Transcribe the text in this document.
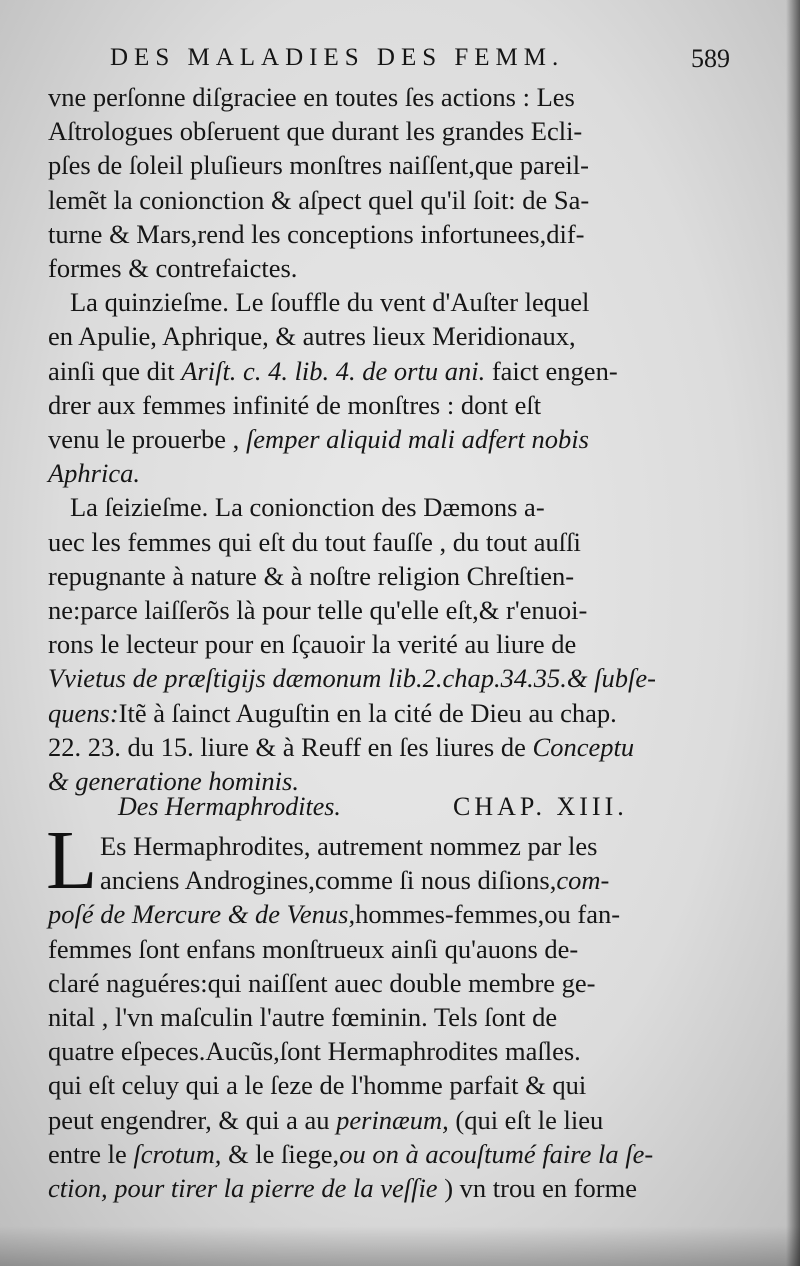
DES MALADIES DES FEMM.	589
vne perſonne diſgraciee en toutes ſes actions : Les
Aſtrologues obſeruent que durant les grandes Ecli-
pſes de ſoleil pluſieurs monſtres naiſſent,que pareil-
lemẽt la conionction & aſpect quel qu'il ſoit: de Sa-
turne & Mars,rend les conceptions infortunees,dif-
formes & contrefaictes.
La quinzieſme. Le ſouffle du vent d'Auſter lequel
en Apulie, Aphrique, & autres lieux Meridionaux,
ainſi que dit Ariſt. c. 4. lib. 4. de ortu ani. faict engen-
drer aux femmes infinité de monſtres : dont eſt
venu le prouerbe , ſemper aliquid mali adfert nobis
Aphrica.
La ſeizieſme. La conionction des Dæmons a-
uec les femmes qui eſt du tout fauſſe , du tout auſſi
repugnante à nature & à noſtre religion Chreſtien-
ne:parce laiſſerõs là pour telle qu'elle eſt,& r'enuoi-
rons le lecteur pour en ſçauoir la verité au liure de
Vvietus de præſtigijs dæmonum lib.2.chap.34.35.& ſubſe-
quens:Itẽ à ſainct Auguſtin en la cité de Dieu au chap.
22. 23. du 15. liure & à Reuff en ſes liures de Conceptu
& generatione hominis.
Es Hermaphrodites, autrement nommez par les
anciens Androgines,comme ſi nous diſions,com-
poſé de Mercure & de Venus,hommes-femmes,ou fan-
femmes ſont enfans monſtrueux ainſi qu'auons de-
claré naguéres:qui naiſſent auec double membre ge-
nital , l'vn maſculin l'autre fœminin. Tels ſont de
quatre eſpeces.Aucũs,ſont Hermaphrodites maſles.
qui eſt celuy qui a le ſeze de l'homme parfait & qui
peut engendrer, & qui a au perinæum, (qui eſt le lieu
entre le ſcrotum, & le ſiege,ou on à acouſtumé faire la ſe-
ction, pour tirer la pierre de la veſſie ) vn trou en forme
Des Hermaphrodites.	CHAP. XIII.
L
